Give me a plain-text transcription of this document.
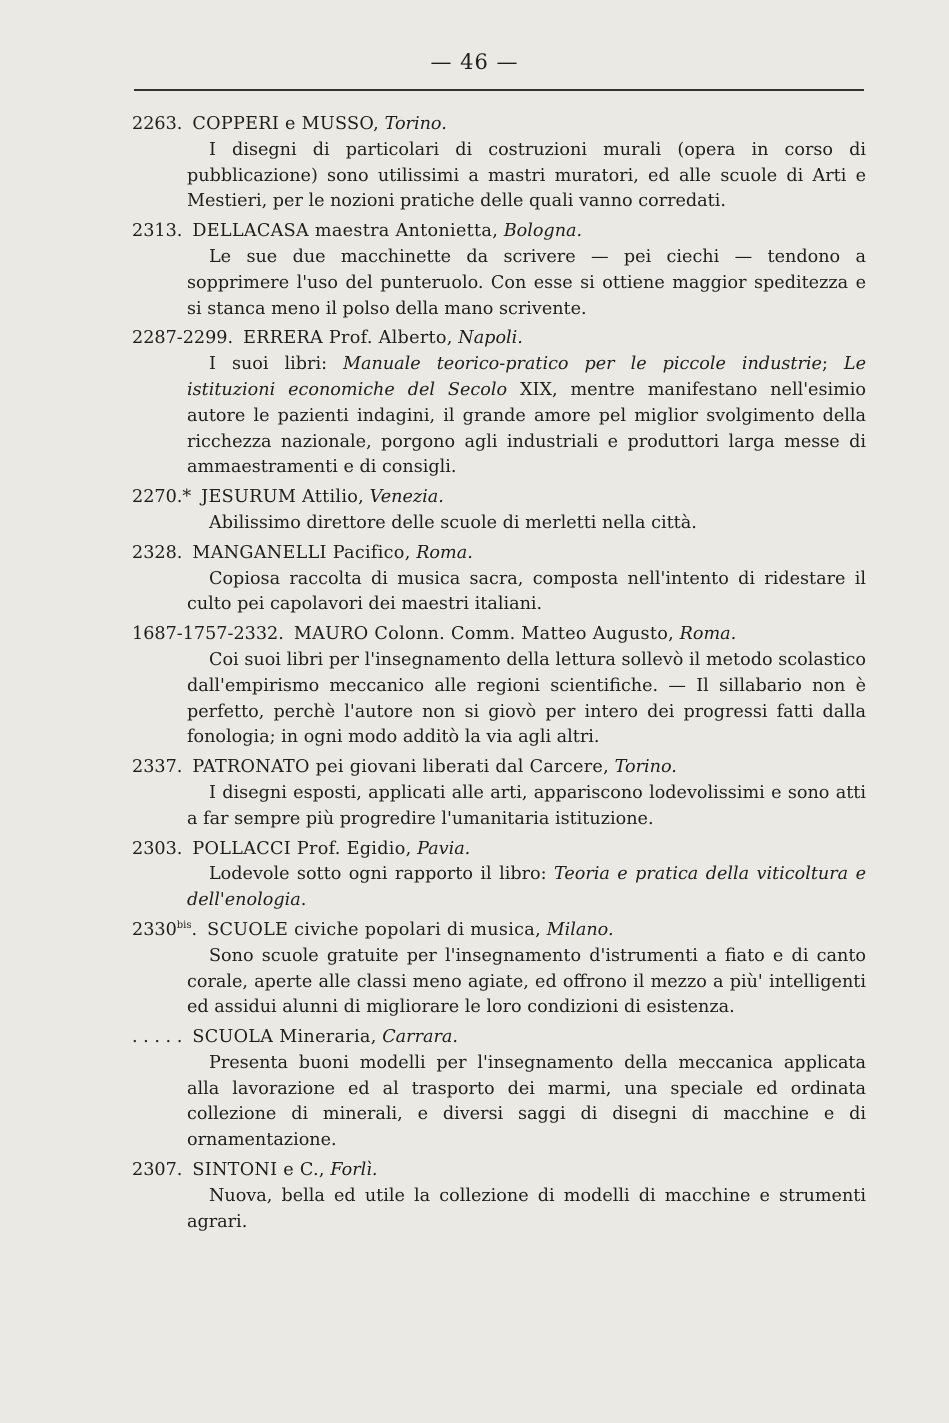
— 46 —

2263. COPPERI e MUSSO, Torino.

I disegni di particolari di costruzioni murali (opera in corso di pubblicazione) sono utilissimi a mastri muratori, ed alle scuole di Arti e Mestieri, per le nozioni pratiche delle quali vanno corredati.

2313. DELLACASA maestra Antonietta, Bologna.

Le sue due macchinette da scrivere — pei ciechi — tendono a sopprimere l'uso del punteruolo. Con esse si ottiene maggior speditezza e si stanca meno il polso della mano scrivente.

2287-2299. ERRERA Prof. Alberto, Napoli.

I suoi libri: Manuale teorico-pratico per le piccole industrie; Le istituzioni economiche del Secolo XIX, mentre manifestano nell'esimio autore le pazienti indagini, il grande amore pel miglior svolgimento della ricchezza nazionale, porgono agli industriali e produttori larga messe di ammaestramenti e di consigli.

2270.* JESURUM Attilio, Venezia.

Abilissimo direttore delle scuole di merletti nella città.

2328. MANGANELLI Pacifico, Roma.

Copiosa raccolta di musica sacra, composta nell'intento di ridestare il culto pei capolavori dei maestri italiani.

1687-1757-2332. MAURO Colonn. Comm. Matteo Augusto, Roma.

Coi suoi libri per l'insegnamento della lettura sollevò il metodo scolastico dall'empirismo meccanico alle regioni scientifiche. — Il sillabario non è perfetto, perchè l'autore non si giovò per intero dei progressi fatti dalla fonologia; in ogni modo additò la via agli altri.

2337. PATRONATO pei giovani liberati dal Carcere, Torino.

I disegni esposti, applicati alle arti, appariscono lodevolissimi e sono atti a far sempre più progredire l'umanitaria istituzione.

2303. POLLACCI Prof. Egidio, Pavia.

Lodevole sotto ogni rapporto il libro: Teoria e pratica della viticoltura e dell'enologia.

$2330^{bis}$. SCUOLE civiche popolari di musica, Milano.

Sono scuole gratuite per l'insegnamento d'istrumenti a fiato e di canto corale, aperte alle classi meno agiate, ed offrono il mezzo a più' intelligenti ed assidui alunni di migliorare le loro condizioni di esistenza.

. . . . . SCUOLA Mineraria, Carrara.

Presenta buoni modelli per l'insegnamento della meccanica applicata alla lavorazione ed al trasporto dei marmi, una speciale ed ordinata collezione di minerali, e diversi saggi di disegni di macchine e di ornamentazione.

2307. SINTONI e C., Forlì.

Nuova, bella ed utile la collezione di modelli di macchine e strumenti agrari.
